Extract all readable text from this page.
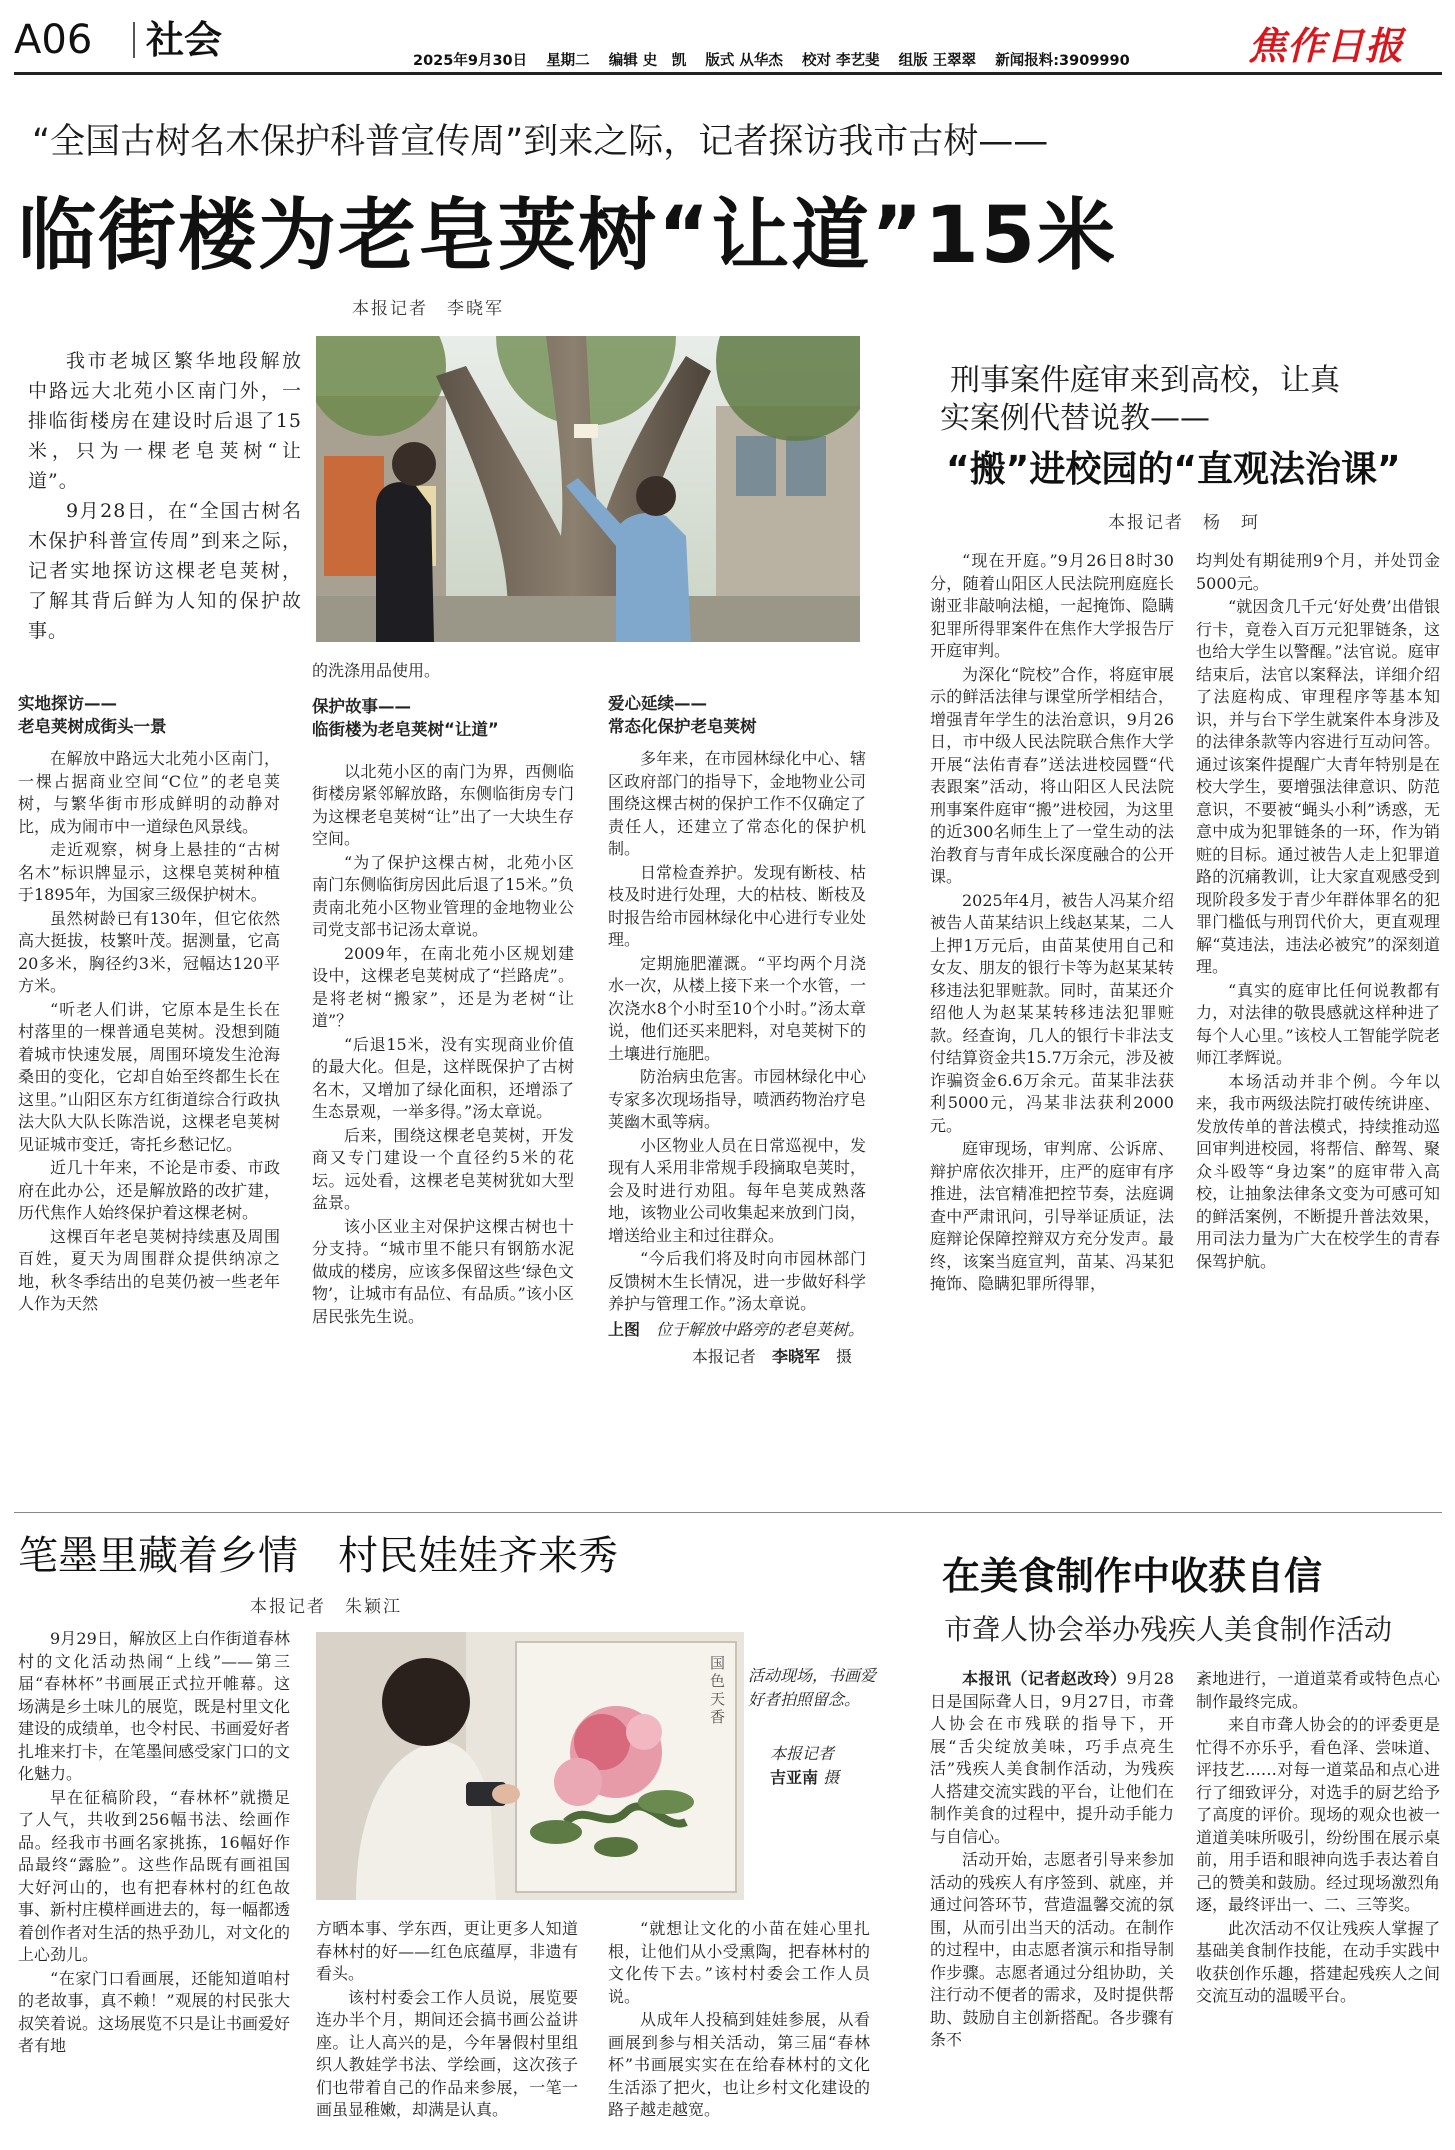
A06 社会	2025年9月30日 星期二 编辑 史　凯 版式 从华杰 校对 李艺斐 组版 王翠翠 新闻报料:3909990	焦作日报
“全国古树名木保护科普宣传周”到来之际，记者探访我市古树——
临街楼为老皂荚树“让道”15米
本报记者　李晓军

我市老城区繁华地段解放中路远大北苑小区南门外，一排临街楼房在建设时后退了15米，只为一棵老皂荚树“让道”。

9月28日，在“全国古树名木保护科普宣传周”到来之际，记者实地探访这棵老皂荚树，了解其背后鲜为人知的保护故事。

实地探访——
老皂荚树成街头一景

在解放中路远大北苑小区南门，一棵占据商业空间“C位”的老皂荚树，与繁华街市形成鲜明的动静对比，成为闹市中一道绿色风景线。

走近观察，树身上悬挂的“古树名木”标识牌显示，这棵皂荚树种植于1895年，为国家三级保护树木。

虽然树龄已有130年，但它依然高大挺拔，枝繁叶茂。据测量，它高20多米，胸径约3米，冠幅达120平方米。

“听老人们讲，它原本是生长在村落里的一棵普通皂荚树。没想到随着城市快速发展，周围环境发生沧海桑田的变化，它却自始至终都生长在这里。”山阳区东方红街道综合行政执法大队大队长陈浩说，这棵老皂荚树见证城市变迁，寄托乡愁记忆。

近几十年来，不论是市委、市政府在此办公，还是解放路的改扩建，历代焦作人始终保护着这棵老树。

这棵百年老皂荚树持续惠及周围百姓，夏天为周围群众提供纳凉之地，秋冬季结出的皂荚仍被一些老年人作为天然

的洗涤用品使用。
保护故事——
临街楼为老皂荚树“让道”

以北苑小区的南门为界，西侧临街楼房紧邻解放路，东侧临街房专门为这棵老皂荚树“让”出了一大块生存空间。

“为了保护这棵古树，北苑小区南门东侧临街房因此后退了15米。”负责南北苑小区物业管理的金地物业公司党支部书记汤太章说。

2009年，在南北苑小区规划建设中，这棵老皂荚树成了“拦路虎”。是将老树“搬家”，还是为老树“让道”？

“后退15米，没有实现商业价值的最大化。但是，这样既保护了古树名木，又增加了绿化面积，还增添了生态景观，一举多得。”汤太章说。

后来，围绕这棵老皂荚树，开发商又专门建设一个直径约5米的花坛。远处看，这棵老皂荚树犹如大型盆景。

该小区业主对保护这棵古树也十分支持。“城市里不能只有钢筋水泥做成的楼房，应该多保留这些‘绿色文物’，让城市有品位、有品质。”该小区居民张先生说。

爱心延续——
常态化保护老皂荚树

多年来，在市园林绿化中心、辖区政府部门的指导下，金地物业公司围绕这棵古树的保护工作不仅确定了责任人，还建立了常态化的保护机制。

日常检查养护。发现有断枝、枯枝及时进行处理，大的枯枝、断枝及时报告给市园林绿化中心进行专业处理。

定期施肥灌溉。“平均两个月浇水一次，从楼上接下来一个水管，一次浇水8个小时至10个小时。”汤太章说，他们还买来肥料，对皂荚树下的土壤进行施肥。

防治病虫危害。市园林绿化中心专家多次现场指导，喷洒药物治疗皂荚幽木虱等病。

小区物业人员在日常巡视中，发现有人采用非常规手段摘取皂荚时，会及时进行劝阻。每年皂荚成熟落地，该物业公司收集起来放到门岗，增送给业主和过往群众。

“今后我们将及时向市园林部门反馈树木生长情况，进一步做好科学养护与管理工作。”汤太章说。

上图　 位于解放中路旁的老皂荚树。
本报记者　 李晓军　 摄
刑事案件庭审来到高校，让真
实案例代替说教——
“搬”进校园的“直观法治课”
本报记者　杨　珂

“现在开庭。”9月26日8时30分，随着山阳区人民法院刑庭庭长谢亚非敲响法槌，一起掩饰、隐瞒犯罪所得罪案件在焦作大学报告厅开庭审判。

为深化“院校”合作，将庭审展示的鲜活法律与课堂所学相结合，增强青年学生的法治意识，9月26日，市中级人民法院联合焦作大学开展“法佑青春”送法进校园暨“代表跟案”活动，将山阳区人民法院刑事案件庭审“搬”进校园，为这里的近300名师生上了一堂生动的法治教育与青年成长深度融合的公开课。

2025年4月，被告人冯某介绍被告人苗某结识上线赵某某，二人上押1万元后，由苗某使用自己和女友、朋友的银行卡等为赵某某转移违法犯罪赃款。同时，苗某还介绍他人为赵某某转移违法犯罪赃款。经查询，几人的银行卡非法支付结算资金共15.7万余元，涉及被诈骗资金6.6万余元。苗某非法获利5000元，冯某非法获利2000元。

庭审现场，审判席、公诉席、辩护席依次排开，庄严的庭审有序推进，法官精准把控节奏，法庭调查中严肃讯问，引导举证质证，法庭辩论保障控辩双方充分发声。最终，该案当庭宣判，苗某、冯某犯掩饰、隐瞒犯罪所得罪，

均判处有期徒刑9个月，并处罚金5000元。

“就因贪几千元‘好处费’出借银行卡，竟卷入百万元犯罪链条，这也给大学生以警醒。”法官说。庭审结束后，法官以案释法，详细介绍了法庭构成、审理程序等基本知识，并与台下学生就案件本身涉及的法律条款等内容进行互动问答。通过该案件提醒广大青年特别是在校大学生，要增强法律意识、防范意识，不要被“蝇头小利”诱惑，无意中成为犯罪链条的一环，作为销赃的目标。通过被告人走上犯罪道路的沉痛教训，让大家直观感受到现阶段多发于青少年群体罪名的犯罪门槛低与刑罚代价大，更直观理解“莫违法，违法必被究”的深刻道理。

“真实的庭审比任何说教都有力，对法律的敬畏感就这样种进了每个人心里。”该校人工智能学院老师江孝辉说。

本场活动并非个例。今年以来，我市两级法院打破传统讲座、发放传单的普法模式，持续推动巡回审判进校园，将帮信、醉驾、聚众斗殴等“身边案”的庭审带入高校，让抽象法律条文变为可感可知的鲜活案例，不断提升普法效果，用司法力量为广大在校学生的青春保驾护航。

笔墨里藏着乡情　村民娃娃齐来秀
本报记者　朱颖江

9月29日，解放区上白作街道春林村的文化活动热闹“上线”——第三届“春林杯”书画展正式拉开帷幕。这场满是乡土味儿的展览，既是村里文化建设的成绩单，也令村民、书画爱好者扎堆来打卡，在笔墨间感受家门口的文化魅力。

早在征稿阶段，“春林杯”就攒足了人气，共收到256幅书法、绘画作品。经我市书画名家挑拣，16幅好作品最终“露脸”。这些作品既有画祖国大好河山的，也有把春林村的红色故事、新村庄模样画进去的，每一幅都透着创作者对生活的热乎劲儿，对文化的上心劲儿。

“在家门口看画展，还能知道咱村的老故事，真不赖！”观展的村民张大叔笑着说。这场展览不只是让书画爱好者有地

国色天香
活动现场，书画爱好者拍照留念。
本报记者
吉亚南 摄

方晒本事、学东西，更让更多人知道春林村的好——红色底蕴厚，非遗有看头。

该村村委会工作人员说，展览要连办半个月，期间还会搞书画公益讲座。让人高兴的是，今年暑假村里组织人教娃学书法、学绘画，这次孩子们也带着自己的作品来参展，一笔一画虽显稚嫩，却满是认真。

“就想让文化的小苗在娃心里扎根，让他们从小受熏陶，把春林村的文化传下去。”该村村委会工作人员说。

从成年人投稿到娃娃参展，从看画展到参与相关活动，第三届“春林杯”书画展实实在在给春林村的文化生活添了把火，也让乡村文化建设的路子越走越宽。

在美食制作中收获自信
市聋人协会举办残疾人美食制作活动

本报讯（记者赵改玲）9月28日是国际聋人日，9月27日，市聋人协会在市残联的指导下，开展“舌尖绽放美味，巧手点亮生活”残疾人美食制作活动，为残疾人搭建交流实践的平台，让他们在制作美食的过程中，提升动手能力与自信心。

活动开始，志愿者引导来参加活动的残疾人有序签到、就座，并通过问答环节，营造温馨交流的氛围，从而引出当天的活动。在制作的过程中，由志愿者演示和指导制作步骤。志愿者通过分组协助，关注行动不便者的需求，及时提供帮助、鼓励自主创新搭配。各步骤有条不

紊地进行，一道道菜肴或特色点心制作最终完成。

来自市聋人协会的的评委更是忙得不亦乐乎，看色泽、尝味道、评技艺……对每一道菜品和点心进行了细致评分，对选手的厨艺给予了高度的评价。现场的观众也被一道道美味所吸引，纷纷围在展示桌前，用手语和眼神向选手表达着自己的赞美和鼓励。经过现场激烈角逐，最终评出一、二、三等奖。

此次活动不仅让残疾人掌握了基础美食制作技能，在动手实践中收获创作乐趣，搭建起残疾人之间交流互动的温暖平台。
